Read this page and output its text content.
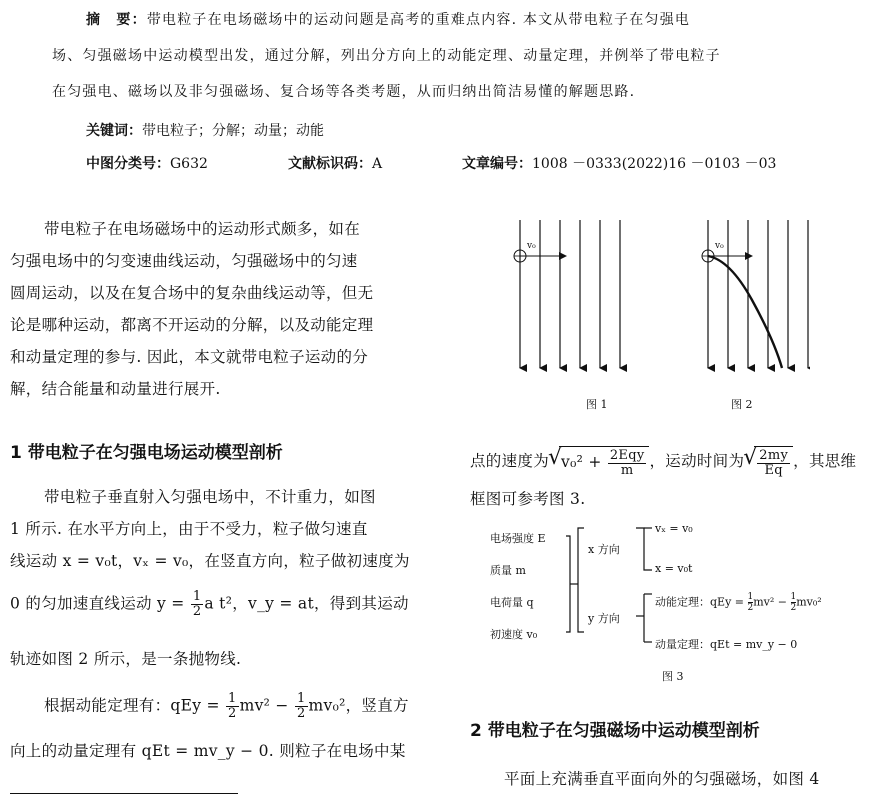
摘　要：带电粒子在电场磁场中的运动问题是高考的重难点内容. 本文从带电粒子在匀强电
场、匀强磁场中运动模型出发，通过分解，列出分方向上的动能定理、动量定理，并例举了带电粒子
在匀强电、磁场以及非匀强磁场、复合场等各类考题，从而归纳出简洁易懂的解题思路.
关键词：带电粒子；分解；动量；动能
中图分类号：G632	文献标识码：A	文章编号：1008 －0333(2022)16 －0103 －03
带电粒子在电场磁场中的运动形式颇多，如在
匀强电场中的匀变速曲线运动，匀强磁场中的匀速
圆周运动，以及在复合场中的复杂曲线运动等，但无
论是哪种运动，都离不开运动的分解，以及动能定理
和动量定理的参与. 因此，本文就带电粒子运动的分
解，结合能量和动量进行展开.
1 带电粒子在匀强电场运动模型剖析
带电粒子垂直射入匀强电场中，不计重力，如图
1 所示. 在水平方向上，由于不受力，粒子做匀速直
线运动 x = v₀t，vₓ = v₀，在竖直方向，粒子做初速度为
0 的匀加速直线运动 $y = \frac{1}{2}$ a t²，v_y = at，得到其运动
轨迹如图 2 所示，是一条抛物线.
根据动能定理有：qEy = $\frac{1}{2} mv^2 - \frac{1}{2} mv_0^2$，竖直方
向上的动量定理有 qEt = mv_y − 0. 则粒子在电场中某
v₀	v₀
图 1	图 2
点的速度为 √ $v_0^2 + \frac{\text{2Eqy}}{m}$ ，运动时间为 √ $\frac{2my}{Eq}$ ，其思维
框图可参考图 3.
电场强度 E
质量 m
电荷量 q
初速度 v₀
x 方向
vₓ = v₀
x = v₀t
y 方向
动能定理：qEy = $\frac{1}{2}mv^2 - \frac{1}{2}mv_0^2$
动量定理：qEt = mv_y − 0
图 3
2 带电粒子在匀强磁场中运动模型剖析
平面上充满垂直平面向外的匀强磁场，如图 4
